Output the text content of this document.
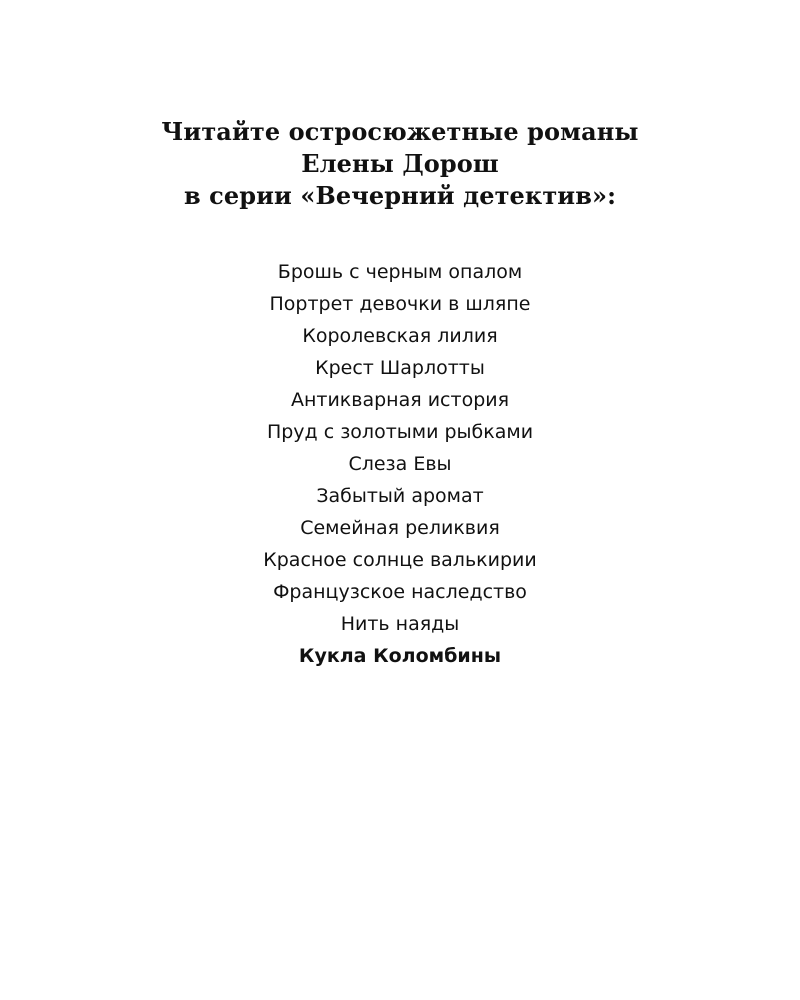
Читайте остросюжетные романы
Елены Дорош
в серии «Вечерний детектив»:
Брошь с черным опалом
Портрет девочки в шляпе
Королевская лилия
Крест Шарлотты
Антикварная история
Пруд с золотыми рыбками
Слеза Евы
Забытый аромат
Семейная реликвия
Красное солнце валькирии
Французское наследство
Нить наяды
Кукла Коломбины
